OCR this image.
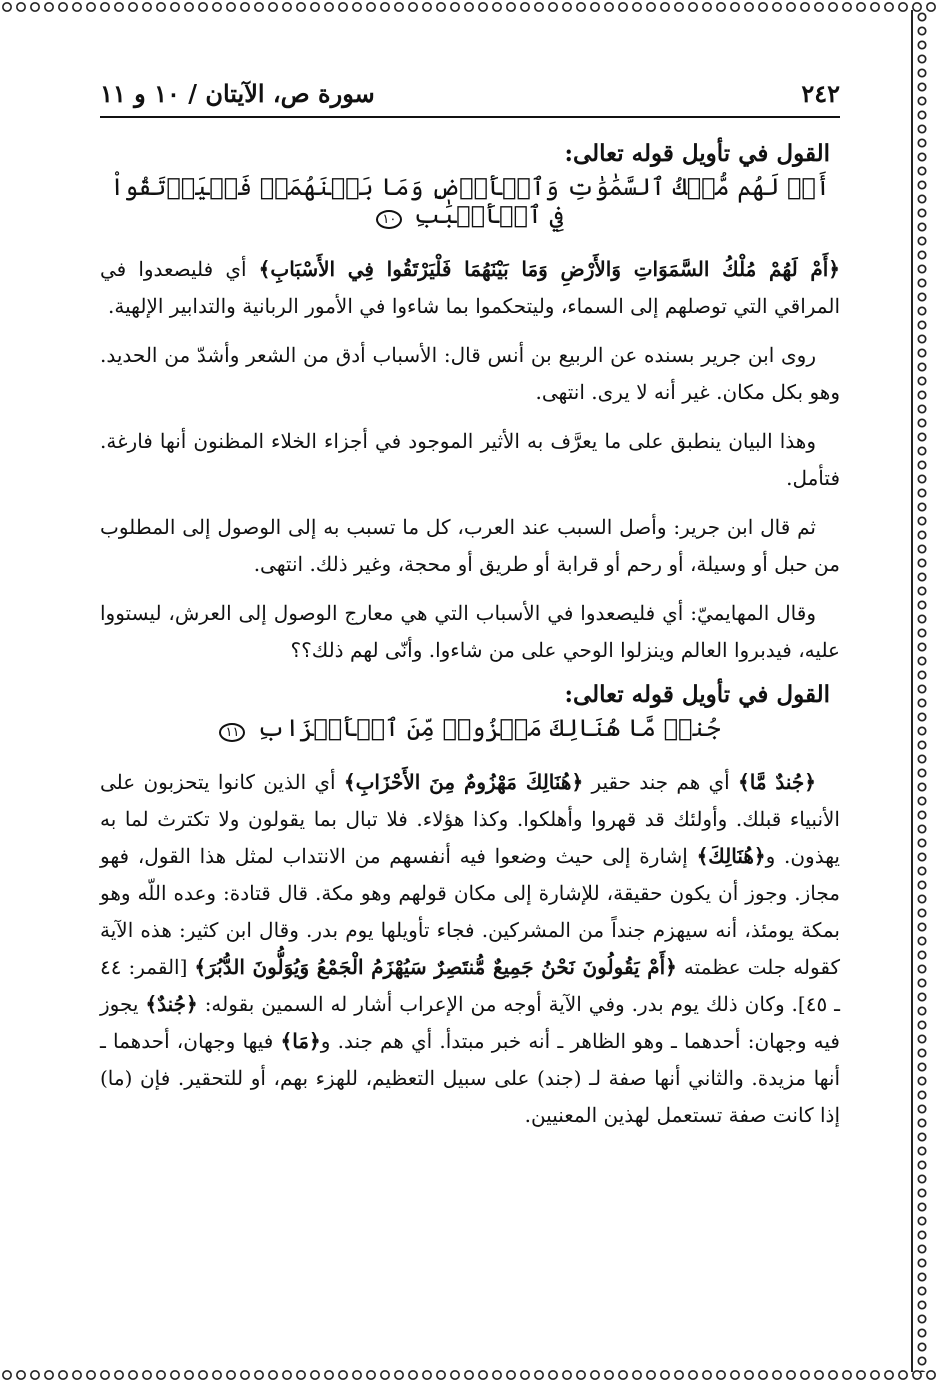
٢٤٢
سورة ص، الآيتان / ١٠ و ١١
القول في تأويل قوله تعالى:
أَمۡ لَهُم مُّلۡكُ ٱلسَّمَٰوَٰتِ وَٱلۡأَرۡضِ وَمَا بَيۡنَهُمَاۖ فَلۡيَرۡتَقُواْ فِي ٱلۡأَسۡبَٰبِ ١٠

﴿أَمْ لَهُمْ مُلْكُ السَّمَوَاتِ وَالأَرْضِ وَمَا بَيْنَهُمَا فَلْيَرْتَقُوا فِي الأَسْبَابِ﴾ أي فليصعدوا في المراقي التي توصلهم إلى السماء، وليتحكموا بما شاءوا في الأمور الربانية والتدابير الإلهية.

روى ابن جرير بسنده عن الربيع بن أنس قال: الأسباب أدق من الشعر وأشدّ من الحديد. وهو بكل مكان. غير أنه لا يرى. انتهى.

وهذا البيان ينطبق على ما يعرَّف به الأثير الموجود في أجزاء الخلاء المظنون أنها فارغة. فتأمل.

ثم قال ابن جرير: وأصل السبب عند العرب، كل ما تسبب به إلى الوصول إلى المطلوب من حبل أو وسيلة، أو رحم أو قرابة أو طريق أو محجة، وغير ذلك. انتهى.

وقال المهايميّ: أي فليصعدوا في الأسباب التي هي معارج الوصول إلى العرش، ليستووا عليه، فيدبروا العالم وينزلوا الوحي على من شاءوا. وأنّى لهم ذلك؟؟

القول في تأويل قوله تعالى:
جُندٞ مَّا هُنَالِكَ مَهۡزُومٞ مِّنَ ٱلۡأَحۡزَابِ ١١

﴿جُندٌ مَّا﴾ أي هم جند حقير ﴿هُنَالِكَ مَهْزُومٌ مِنَ الأَحْزَابِ﴾ أي الذين كانوا يتحزبون على الأنبياء قبلك. وأولئك قد قهروا وأهلكوا. وكذا هؤلاء. فلا تبال بما يقولون ولا تكترث لما به يهذون. و﴿هُنَالِكَ﴾ إشارة إلى حيث وضعوا فيه أنفسهم من الانتداب لمثل هذا القول، فهو مجاز. وجوز أن يكون حقيقة، للإشارة إلى مكان قولهم وهو مكة. قال قتادة: وعده اللّه وهو بمكة يومئذ، أنه سيهزم جنداً من المشركين. فجاء تأويلها يوم بدر. وقال ابن كثير: هذه الآية كقوله جلت عظمته ﴿أَمْ يَقُولُونَ نَحْنُ جَمِيعٌ مُّنتَصِرٌ سَيُهْزَمُ الْجَمْعُ وَيُوَلُّونَ الدُّبُرَ﴾ [القمر: ٤٤ ـ ٤٥]. وكان ذلك يوم بدر. وفي الآية أوجه من الإعراب أشار له السمين بقوله: ﴿جُندٌ﴾ يجوز فيه وجهان: أحدهما ـ وهو الظاهر ـ أنه خبر مبتدأ. أي هم جند. و﴿مَا﴾ فيها وجهان، أحدهما ـ أنها مزيدة. والثاني أنها صفة لـ (جند) على سبيل التعظيم، للهزء بهم، أو للتحقير. فإن (ما) إذا كانت صفة تستعمل لهذين المعنيين.
